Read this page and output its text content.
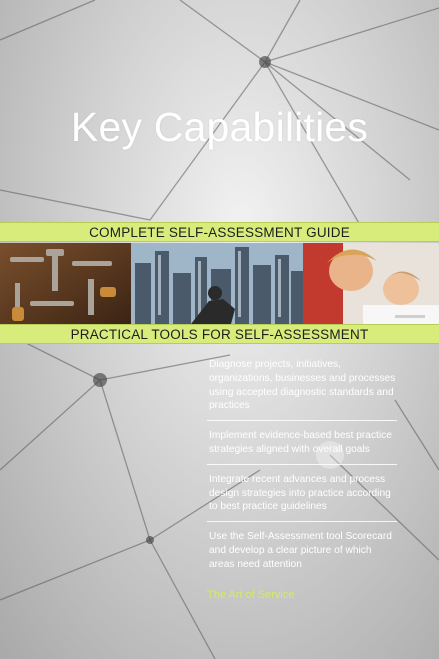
Key Capabilities
COMPLETE SELF-ASSESSMENT GUIDE
PRACTICAL TOOLS FOR SELF-ASSESSMENT
Diagnose projects, initiatives, organizations, businesses and processes using accepted diagnostic standards and practices
Implement evidence-based best practice strategies aligned with overall goals
Integrate recent advances and process design strategies into practice according to best practice guidelines
Use the Self-Assessment tool Scorecard and develop a clear picture of which areas need attention
The Art of Service
